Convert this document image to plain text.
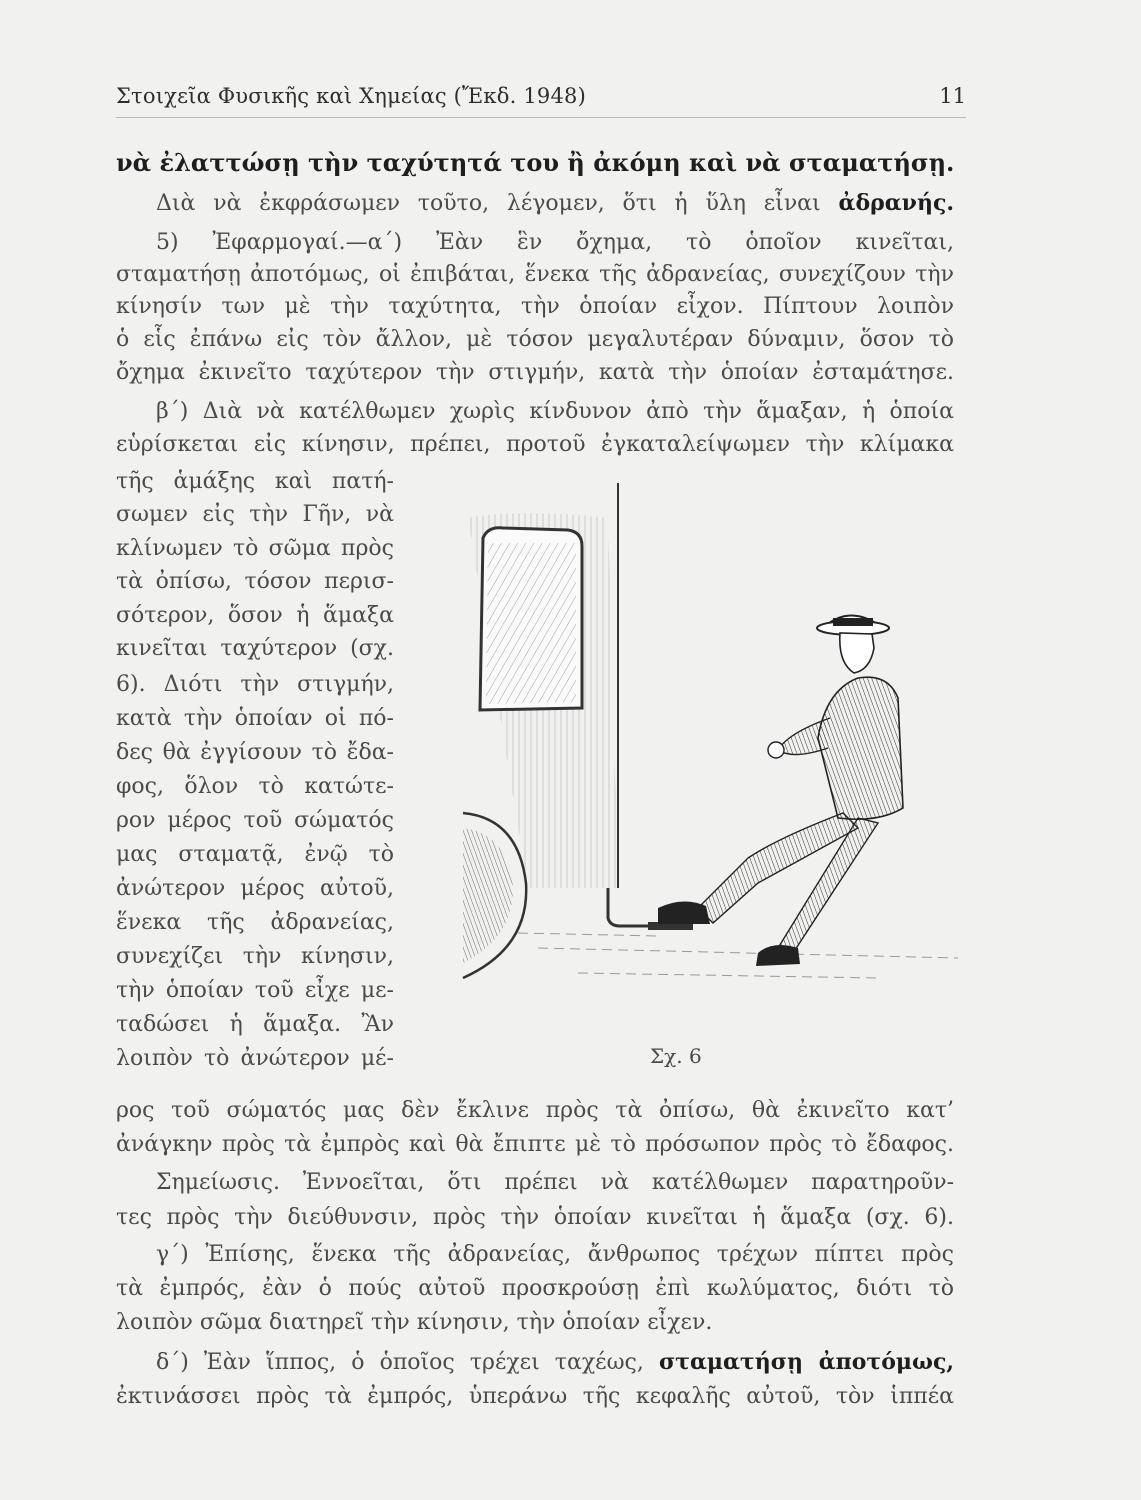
Στοιχεῖα Φυσικῆς καὶ Χημείας (Ἔκδ. 1948)	11
νὰ ἐλαττώσῃ τὴν ταχύτητά του ἢ ἀκόμη καὶ νὰ σταματήσῃ.
Διὰ νὰ ἐκφράσωμεν τοῦτο, λέγομεν, ὅτι ἡ ὕλη εἶναι ἀδρανής.
5) Ἐφαρμογαί.—α΄) Ἐὰν ἓν ὄχημα, τὸ ὁποῖον κινεῖται,
σταματήσῃ ἀποτόμως, οἱ ἐπιβάται, ἕνεκα τῆς ἀδρανείας, συνεχίζουν τὴν
κίνησίν των μὲ τὴν ταχύτητα, τὴν ὁποίαν εἶχον. Πίπτουν λοιπὸν
ὁ εἷς ἐπάνω εἰς τὸν ἄλλον, μὲ τόσον μεγαλυτέραν δύναμιν, ὅσον τὸ
ὄχημα ἐκινεῖτο ταχύτερον τὴν στιγμήν, κατὰ τὴν ὁποίαν ἐσταμάτησε.
β΄) Διὰ νὰ κατέλθωμεν χωρὶς κίνδυνον ἀπὸ τὴν ἅμαξαν, ἡ ὁποία
εὑρίσκεται εἰς κίνησιν, πρέπει, προτοῦ ἐγκαταλείψωμεν τὴν κλίμακα
τῆς ἁμάξης καὶ πατή-
σωμεν εἰς τὴν Γῆν, νὰ
κλίνωμεν τὸ σῶμα πρὸς
τὰ ὀπίσω, τόσον περισ-
σότερον, ὅσον ἡ ἅμαξα
κινεῖται ταχύτερον (σχ.
6). Διότι τὴν στιγμήν,
κατὰ τὴν ὁποίαν οἱ πό-
δες θὰ ἐγγίσουν τὸ ἔδα-
φος, ὅλον τὸ κατώτε-
ρον μέρος τοῦ σώματός
μας σταματᾷ, ἐνῷ τὸ
ἀνώτερον μέρος αὐτοῦ,
ἕνεκα τῆς ἀδρανείας,
συνεχίζει τὴν κίνησιν,
τὴν ὁποίαν τοῦ εἶχε με-
ταδώσει ἡ ἅμαξα. Ἂν
λοιπὸν τὸ ἀνώτερον μέ-	Σχ. 6
ρος τοῦ σώματός μας δὲν ἔκλινε πρὸς τὰ ὀπίσω, θὰ ἐκινεῖτο κατ’
ἀνάγκην πρὸς τὰ ἐμπρὸς καὶ θὰ ἔπιπτε μὲ τὸ πρόσωπον πρὸς τὸ ἔδαφος.
Σημείωσις. Ἐννοεῖται, ὅτι πρέπει νὰ κατέλθωμεν παρατηροῦν-
τες πρὸς τὴν διεύθυνσιν, πρὸς τὴν ὁποίαν κινεῖται ἡ ἅμαξα (σχ. 6).
γ΄) Ἐπίσης, ἕνεκα τῆς ἀδρανείας, ἄνθρωπος τρέχων πίπτει πρὸς
τὰ ἐμπρός, ἐὰν ὁ πούς αὐτοῦ προσκρούσῃ ἐπὶ κωλύματος, διότι τὸ
λοιπὸν σῶμα διατηρεῖ τὴν κίνησιν, τὴν ὁποίαν εἶχεν.
δ΄) Ἐὰν ἵππος, ὁ ὁποῖος τρέχει ταχέως, σταματήσῃ ἀποτόμως,
ἐκτινάσσει πρὸς τὰ ἐμπρός, ὑπεράνω τῆς κεφαλῆς αὐτοῦ, τὸν ἱππέα
